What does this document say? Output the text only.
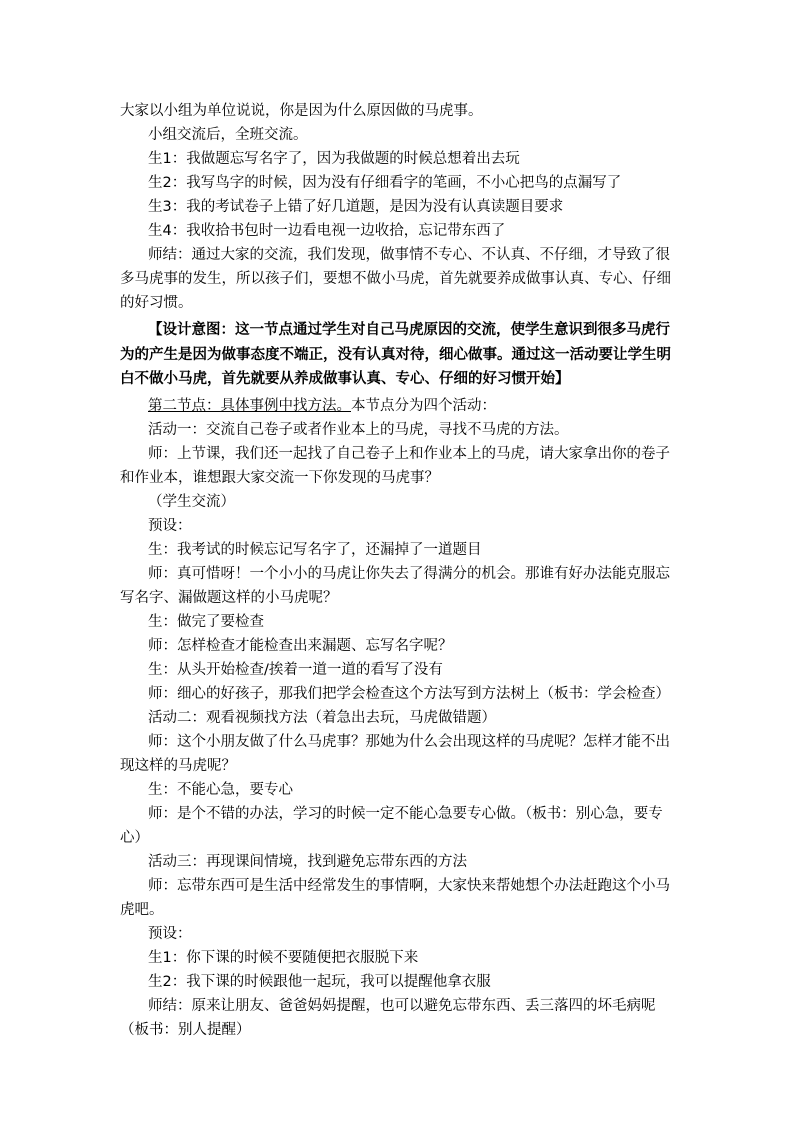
大家以小组为单位说说，你是因为什么原因做的马虎事。

小组交流后，全班交流。

生1：我做题忘写名字了，因为我做题的时候总想着出去玩

生2：我写鸟字的时候，因为没有仔细看字的笔画，不小心把鸟的点漏写了

生3：我的考试卷子上错了好几道题，是因为没有认真读题目要求

生4：我收拾书包时一边看电视一边收拾，忘记带东西了

师结：通过大家的交流，我们发现，做事情不专心、不认真、不仔细，才导致了很多马虎事的发生，所以孩子们，要想不做小马虎，首先就要养成做事认真、专心、仔细的好习惯。

【设计意图：这一节点通过学生对自己马虎原因的交流，使学生意识到很多马虎行为的产生是因为做事态度不端正，没有认真对待，细心做事。通过这一活动要让学生明白不做小马虎，首先就要从养成做事认真、专心、仔细的好习惯开始】

第二节点：具体事例中找方法。本节点分为四个活动：

活动一：交流自己卷子或者作业本上的马虎，寻找不马虎的方法。

师：上节课，我们还一起找了自己卷子上和作业本上的马虎，请大家拿出你的卷子和作业本，谁想跟大家交流一下你发现的马虎事？

（学生交流）

预设：

生：我考试的时候忘记写名字了，还漏掉了一道题目

师：真可惜呀！一个小小的马虎让你失去了得满分的机会。那谁有好办法能克服忘写名字、漏做题这样的小马虎呢？

生：做完了要检查

师：怎样检查才能检查出来漏题、忘写名字呢？

生：从头开始检查/挨着一道一道的看写了没有

师：细心的好孩子，那我们把学会检查这个方法写到方法树上（板书：学会检查）

活动二：观看视频找方法（着急出去玩，马虎做错题）

师：这个小朋友做了什么马虎事？那她为什么会出现这样的马虎呢？怎样才能不出现这样的马虎呢？

生：不能心急，要专心

师：是个不错的办法，学习的时候一定不能心急要专心做。（板书：别心急，要专心）

活动三：再现课间情境，找到避免忘带东西的方法

师：忘带东西可是生活中经常发生的事情啊，大家快来帮她想个办法赶跑这个小马虎吧。

预设：

生1：你下课的时候不要随便把衣服脱下来

生2：我下课的时候跟他一起玩，我可以提醒他拿衣服

师结：原来让朋友、爸爸妈妈提醒，也可以避免忘带东西、丢三落四的坏毛病呢（板书：别人提醒）
